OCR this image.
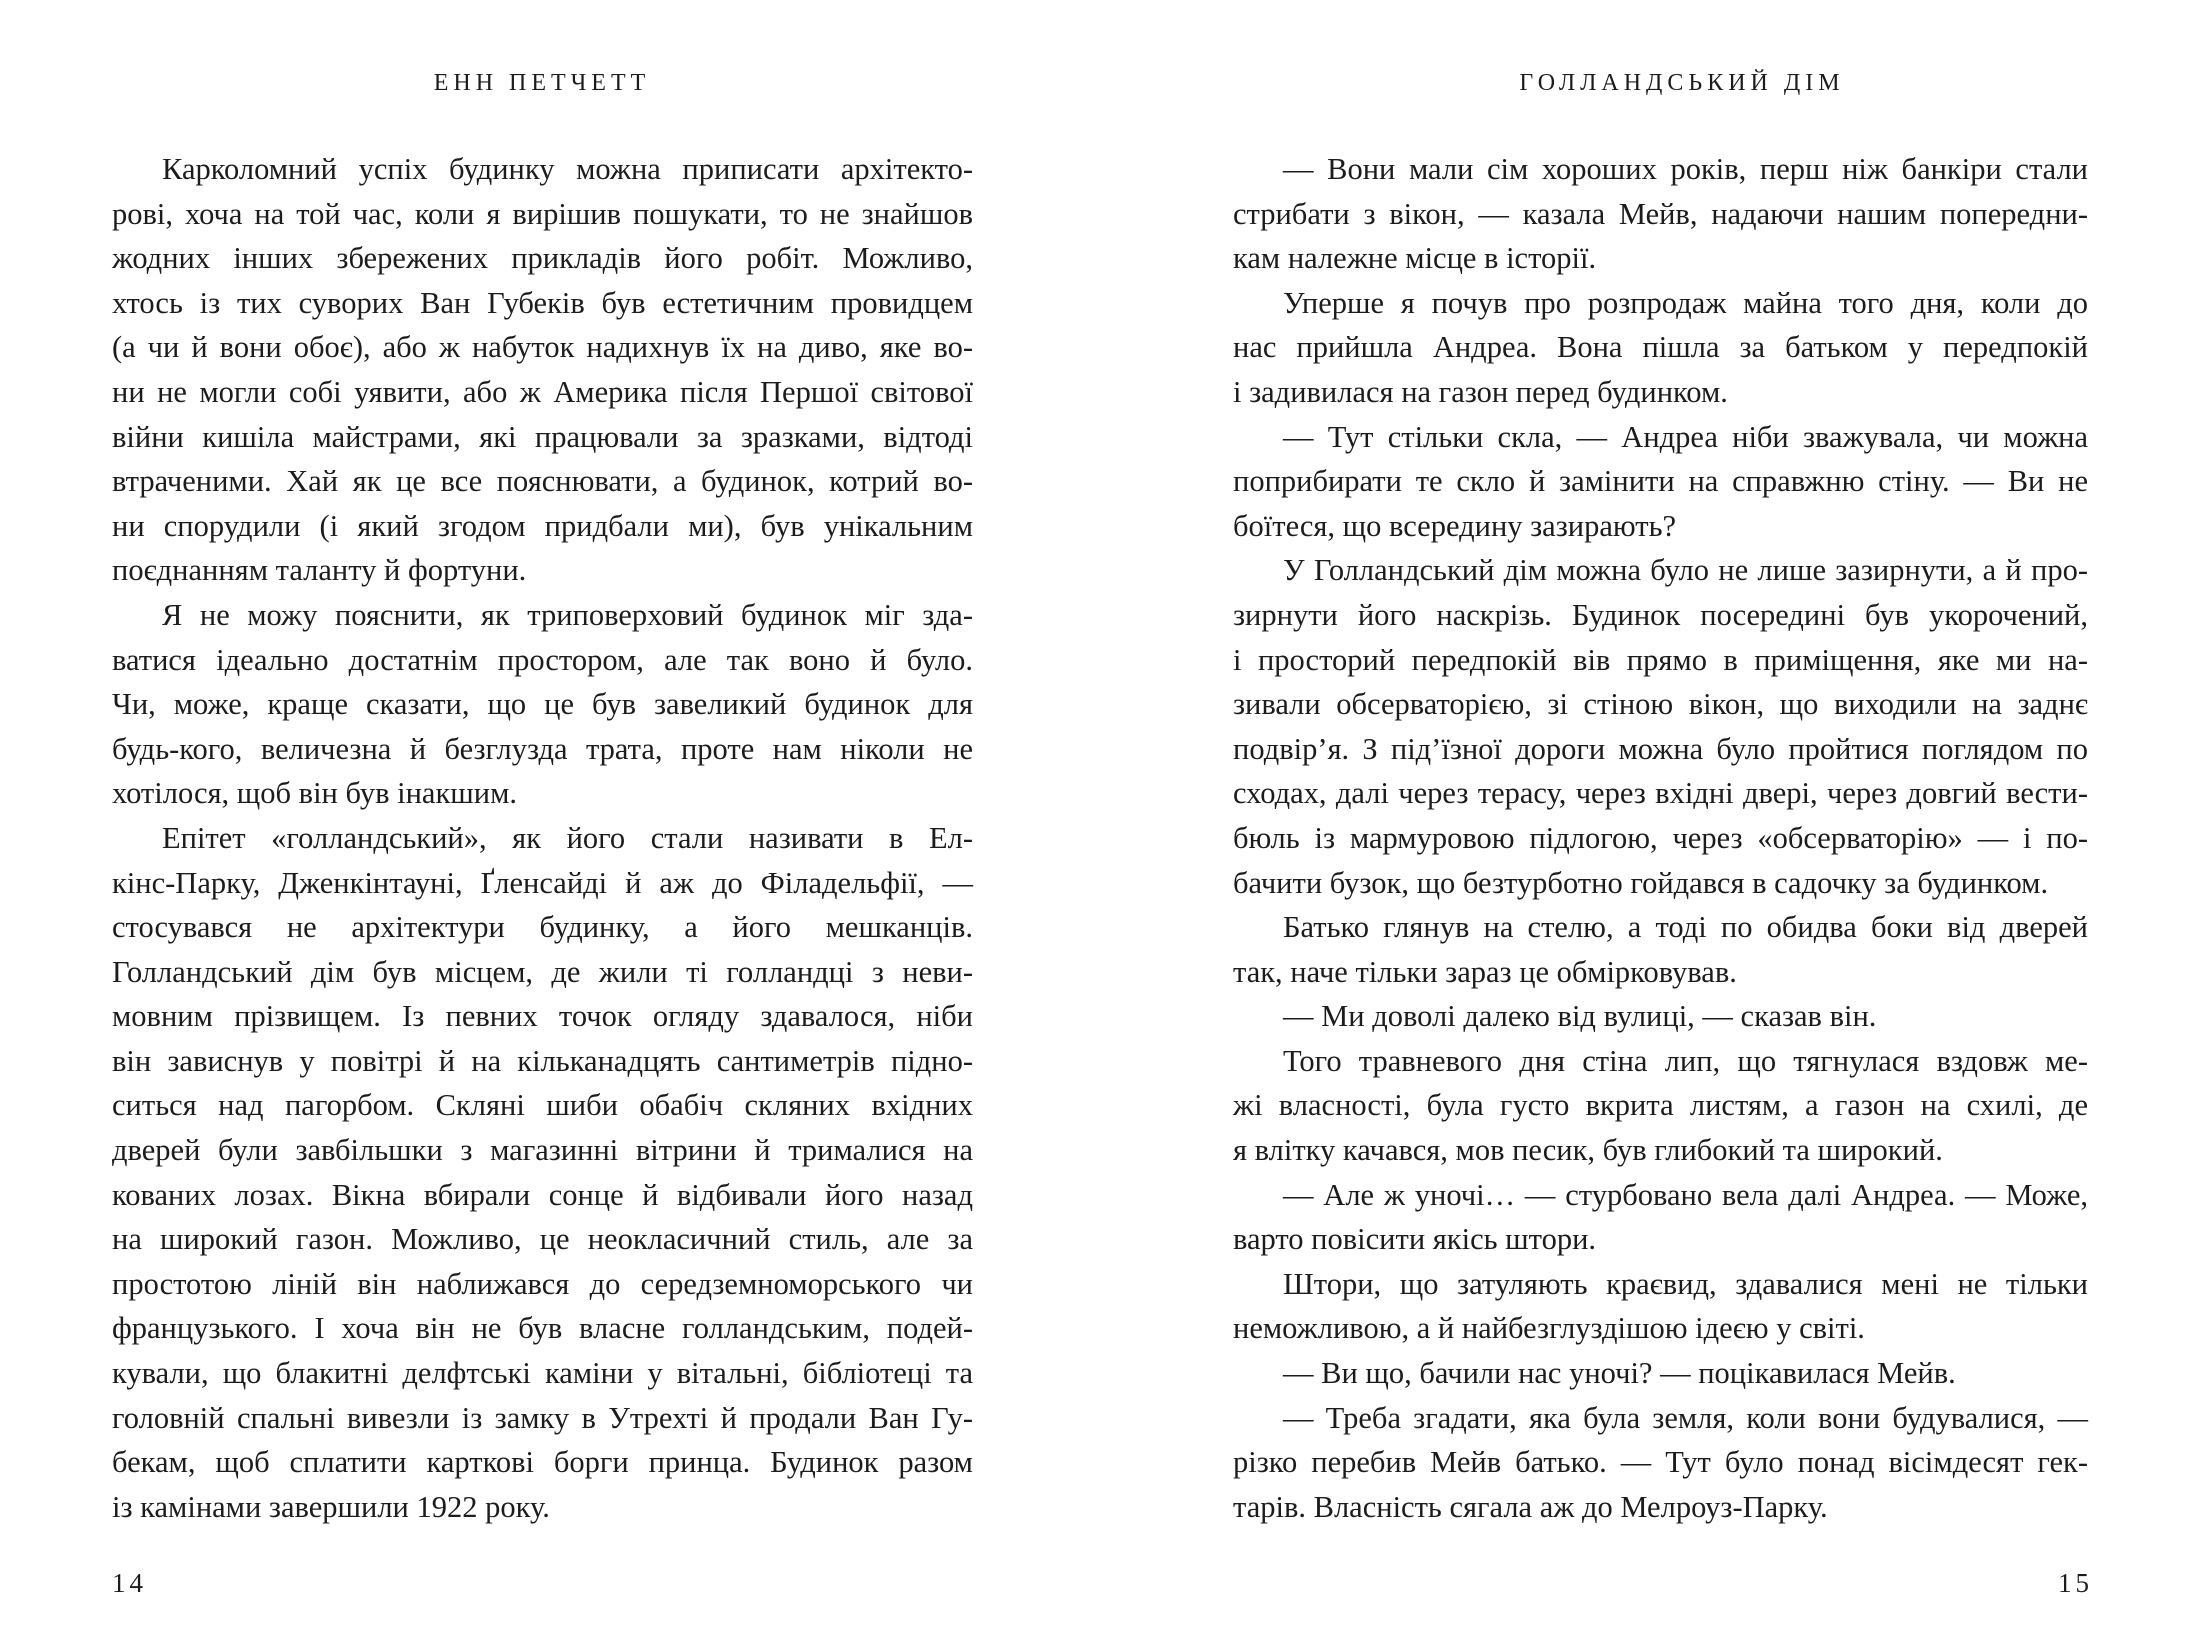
ЕНН ПЕТЧЕТТ
Карколомний успіх будинку можна приписати архітекто-
рові, хоча на той час, коли я вирішив пошукати, то не знайшов
жодних інших збережених прикладів його робіт. Можливо,
хтось із тих суворих Ван Губеків був естетичним провидцем
(а чи й вони обоє), або ж набуток надихнув їх на диво, яке во-
ни не могли собі уявити, або ж Америка після Першої світової
війни кишіла майстрами, які працювали за зразками, відтоді
втраченими. Хай як це все пояснювати, а будинок, котрий во-
ни спорудили (і який згодом придбали ми), був унікальним
поєднанням таланту й фортуни.
Я не можу пояснити, як триповерховий будинок міг зда-
ватися ідеально достатнім простором, але так воно й було.
Чи, може, краще сказати, що це був завеликий будинок для
будь-кого, величезна й безглузда трата, проте нам ніколи не
хотілося, щоб він був інакшим.
Епітет «голландський», як його стали називати в Ел-
кінс-Парку, Дженкінтауні, Ґленсайді й аж до Філадельфії, —
стосувався не архітектури будинку, а його мешканців.
Голландський дім був місцем, де жили ті голландці з неви-
мовним прізвищем. Із певних точок огляду здавалося, ніби
він зависнув у повітрі й на кільканадцять сантиметрів підно-
ситься над пагорбом. Скляні шиби обабіч скляних вхідних
дверей були завбільшки з магазинні вітрини й трималися на
кованих лозах. Вікна вбирали сонце й відбивали його назад
на широкий газон. Можливо, це неокласичний стиль, але за
простотою ліній він наближався до середземноморського чи
французького. І хоча він не був власне голландським, подей-
кували, що блакитні делфтські каміни у вітальні, бібліотеці та
головній спальні вивезли із замку в Утрехті й продали Ван Гу-
бекам, щоб сплатити карткові борги принца. Будинок разом
із камінами завершили 1922 року.
14
ГОЛЛАНДСЬКИЙ ДІМ
— Вони мали сім хороших років, перш ніж банкіри стали
стрибати з вікон, — казала Мейв, надаючи нашим попередни-
кам належне місце в історії.
Уперше я почув про розпродаж майна того дня, коли до
нас прийшла Андреа. Вона пішла за батьком у передпокій
і задивилася на газон перед будинком.
— Тут стільки скла, — Андреа ніби зважувала, чи можна
поприбирати те скло й замінити на справжню стіну. — Ви не
боїтеся, що всередину зазирають?
У Голландський дім можна було не лише зазирнути, а й про-
зирнути його наскрізь. Будинок посередині був укорочений,
і просторий передпокій вів прямо в приміщення, яке ми на-
зивали обсерваторією, зі стіною вікон, що виходили на заднє
подвір’я. З під’їзної дороги можна було пройтися поглядом по
сходах, далі через терасу, через вхідні двері, через довгий вести-
бюль із мармуровою підлогою, через «обсерваторію» — і по-
бачити бузок, що безтурботно гойдався в садочку за будинком.
Батько глянув на стелю, а тоді по обидва боки від дверей
так, наче тільки зараз це обмірковував.
— Ми доволі далеко від вулиці, — сказав він.
Того травневого дня стіна лип, що тягнулася вздовж ме-
жі власності, була густо вкрита листям, а газон на схилі, де
я влітку качався, мов песик, був глибокий та широкий.
— Але ж уночі… — стурбовано вела далі Андреа. — Може,
варто повісити якісь штори.
Штори, що затуляють краєвид, здавалися мені не тільки
неможливою, а й найбезглуздішою ідеєю у світі.
— Ви що, бачили нас уночі? — поцікавилася Мейв.
— Треба згадати, яка була земля, коли вони будувалися, —
різко перебив Мейв батько. — Тут було понад вісімдесят гек-
тарів. Власність сягала аж до Мелроуз-Парку.
15
